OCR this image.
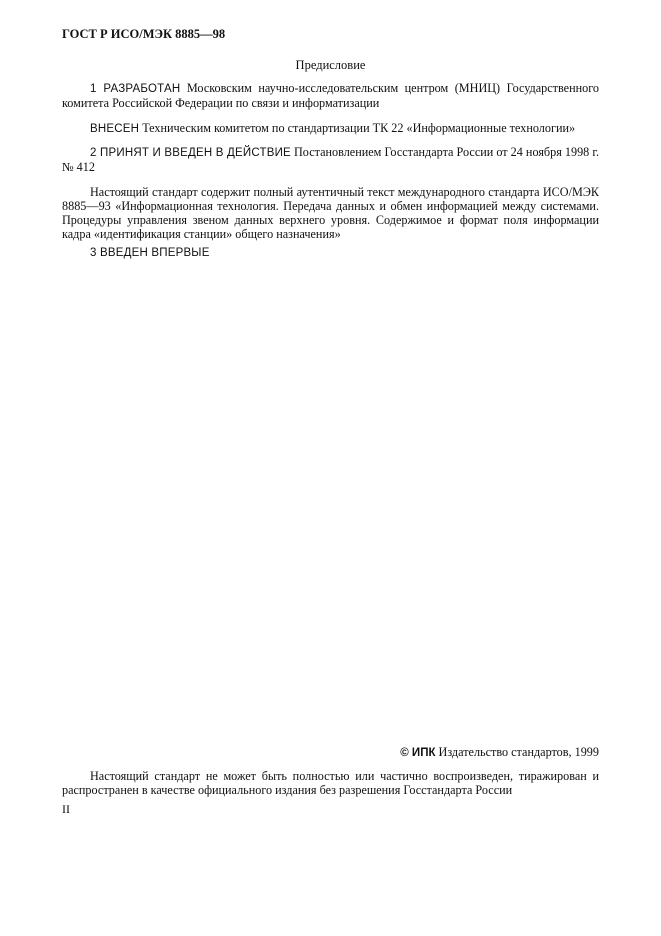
ГОСТ Р ИСО/МЭК 8885—98
Предисловие
1 РАЗРАБОТАН Московским научно-исследовательским центром (МНИЦ) Государственного комитета Российской Федерации по связи и информатизации
ВНЕСЕН Техническим комитетом по стандартизации ТК 22 «Информационные технологии»
2 ПРИНЯТ И ВВЕДЕН В ДЕЙСТВИЕ Постановлением Госстандарта России от 24 ноября 1998 г. № 412
Настоящий стандарт содержит полный аутентичный текст международного стандарта ИСО/МЭК 8885—93 «Информационная технология. Передача данных и обмен информацией между системами. Процедуры управления звеном данных верхнего уровня. Содержимое и формат поля информации кадра «идентификация станции» общего назначения»
3 ВВЕДЕН ВПЕРВЫЕ
© ИПК Издательство стандартов, 1999
Настоящий стандарт не может быть полностью или частично воспроизведен, тиражирован и распространен в качестве официального издания без разрешения Госстандарта России
II
